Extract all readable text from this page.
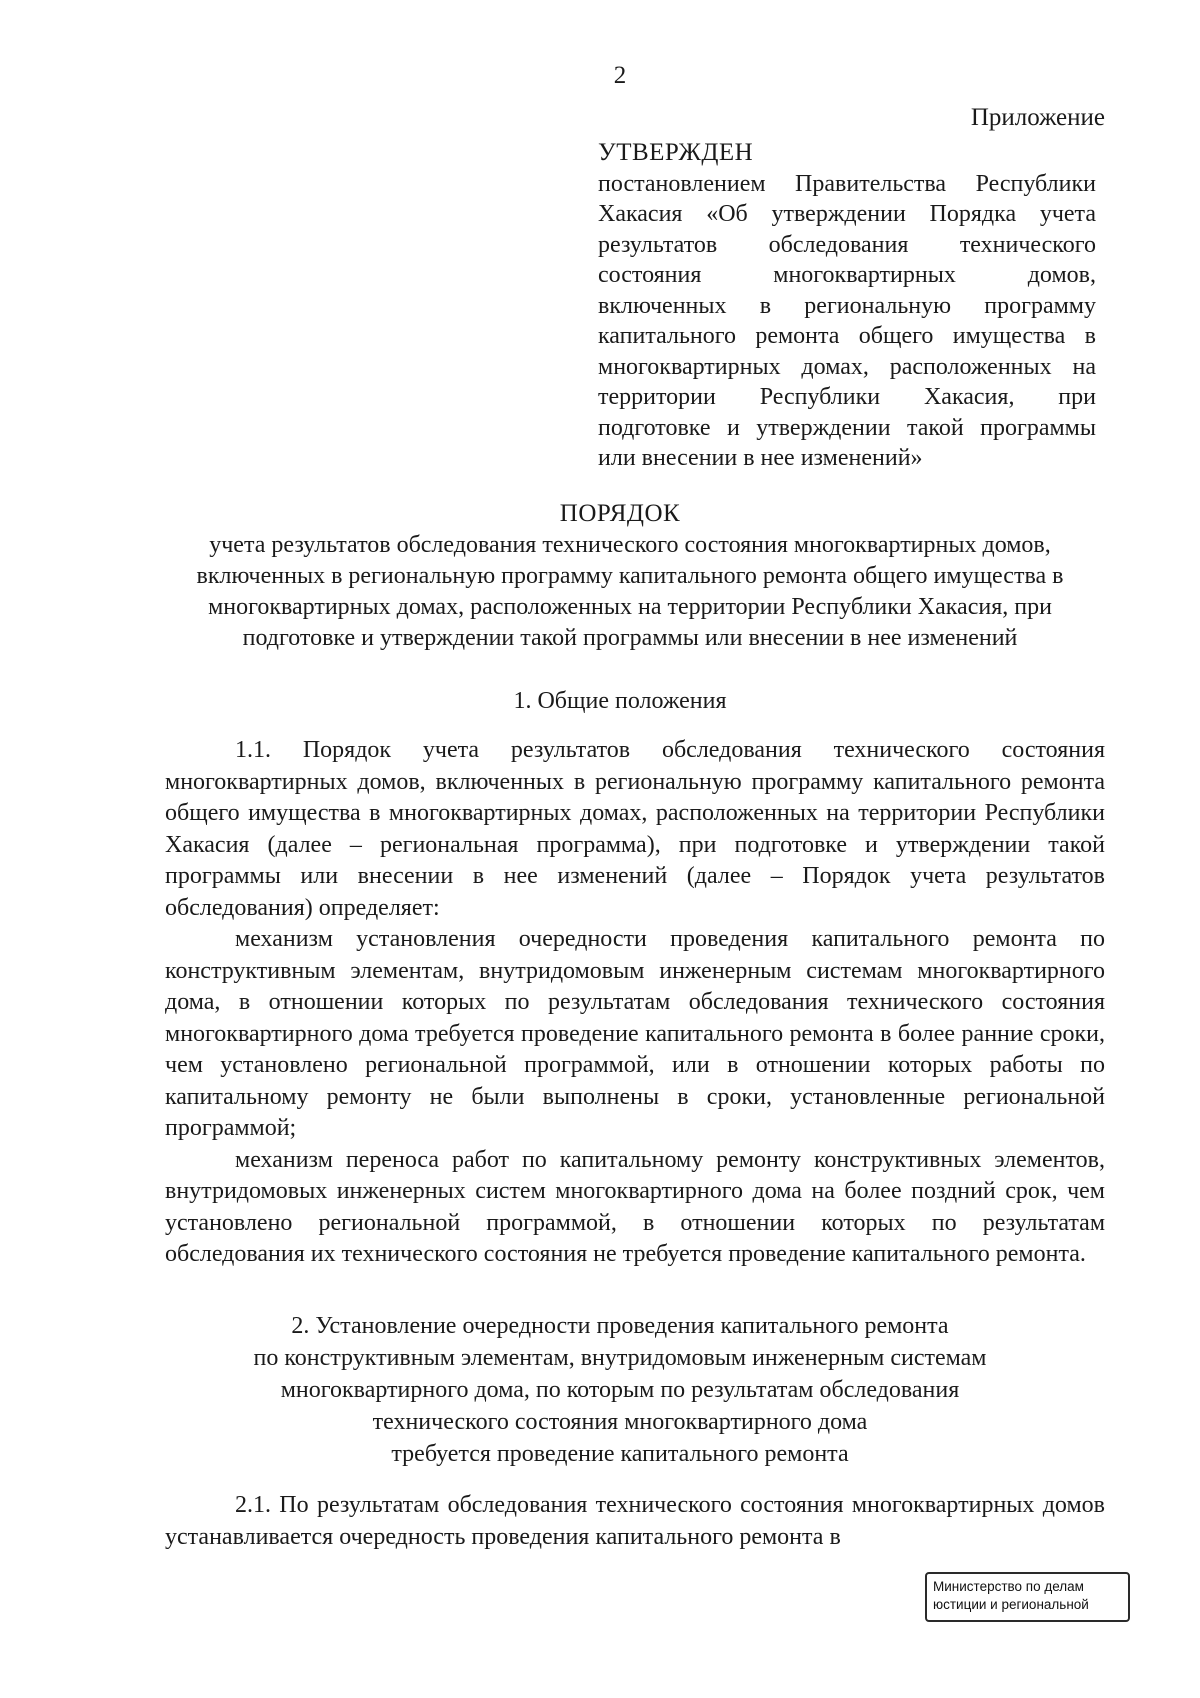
2
Приложение
УТВЕРЖДЕН
постановлением Правительства Республики Хакасия «Об утверждении Порядка учета результатов обследования технического состояния многоквартирных домов, включенных в региональную программу капитального ремонта общего имущества в многоквартирных домах, расположенных на территории Республики Хакасия, при подготовке и утверждении такой программы или внесении в нее изменений»
ПОРЯДОК
учета результатов обследования технического состояния многоквартирных домов, включенных в региональную программу капитального ремонта общего имущества в многоквартирных домах, расположенных на территории Республики Хакасия, при подготовке и утверждении такой программы или внесении в нее изменений
1. Общие положения

1.1. Порядок учета результатов обследования технического состояния многоквартирных домов, включенных в региональную программу капитального ремонта общего имущества в многоквартирных домах, расположенных на территории Республики Хакасия (далее – региональная программа), при подготовке и утверждении такой программы или внесении в нее изменений (далее – Порядок учета результатов обследования) определяет:

механизм установления очередности проведения капитального ремонта по конструктивным элементам, внутридомовым инженерным системам многоквартирного дома, в отношении которых по результатам обследования технического состояния многоквартирного дома требуется проведение капитального ремонта в более ранние сроки, чем установлено региональной программой, или в отношении которых работы по капитальному ремонту не были выполнены в сроки, установленные региональной программой;

механизм переноса работ по капитальному ремонту конструктивных элементов, внутридомовых инженерных систем многоквартирного дома на более поздний срок, чем установлено региональной программой, в отношении которых по результатам обследования их технического состояния не требуется проведение капитального ремонта.

2. Установление очередности проведения капитального ремонта
по конструктивным элементам, внутридомовым инженерным системам
многоквартирного дома, по которым по результатам обследования
технического состояния многоквартирного дома
требуется проведение капитального ремонта

2.1. По результатам обследования технического состояния многоквартирных домов устанавливается очередность проведения капитального ремонта в

Министерство по делам
юстиции и региональной
